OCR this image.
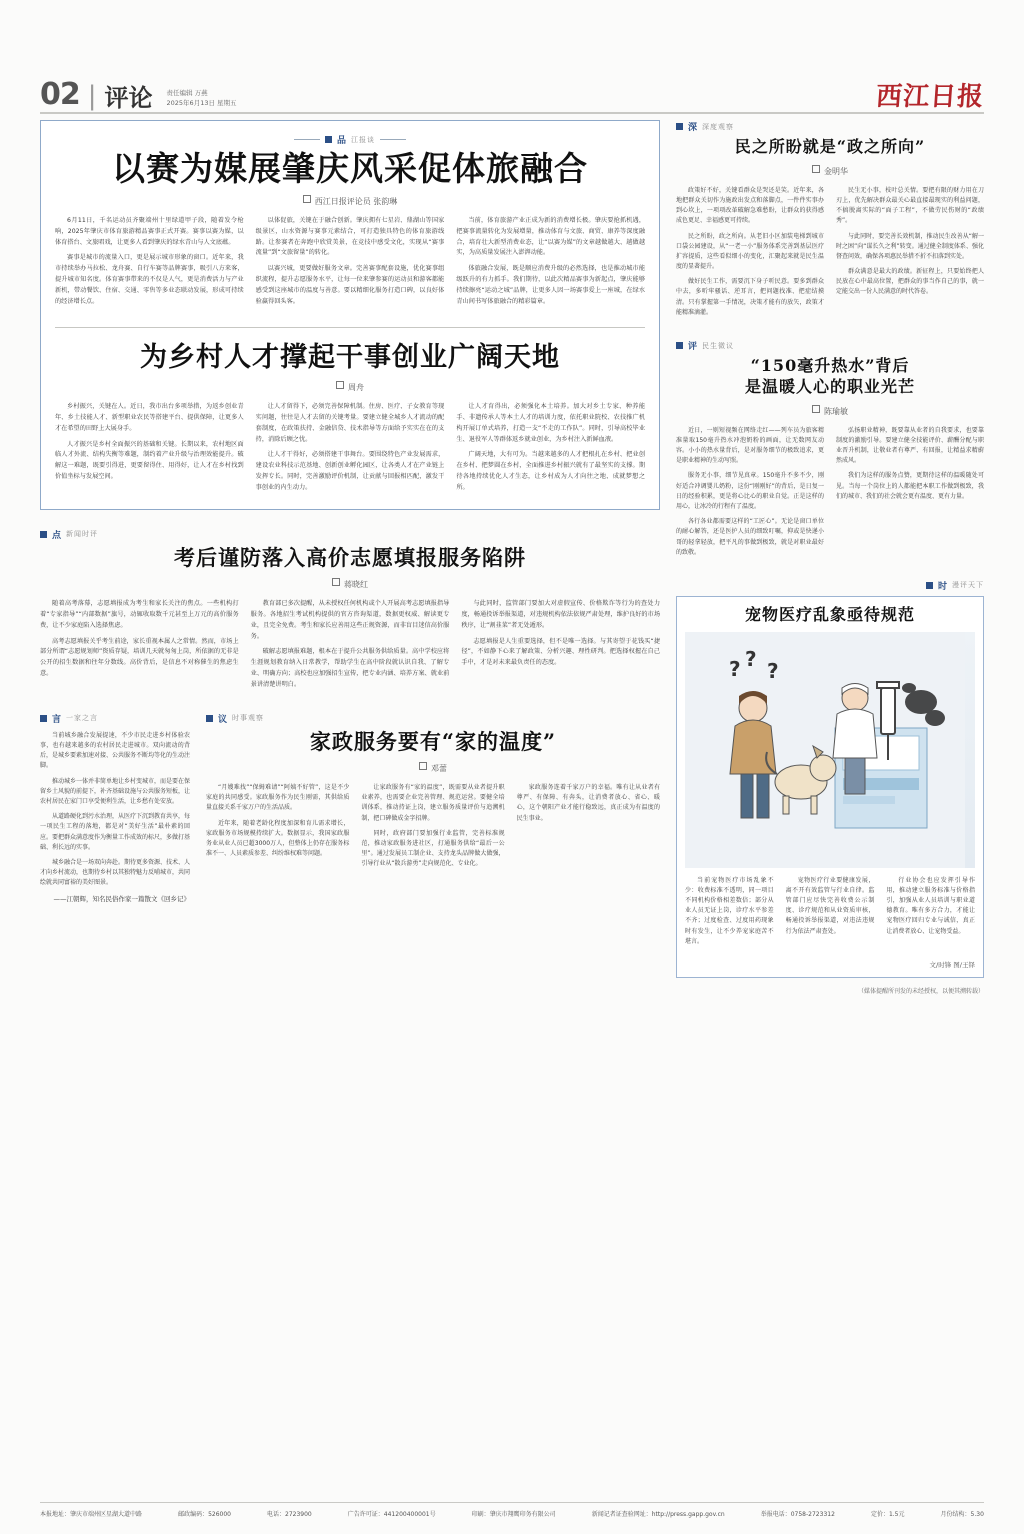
02 | 评论 责任编辑 万燕
2025年6月13日 星期五	西江日报
品 江报谈
以赛为媒展肇庆风采促体旅融合
西江日报评论员 张韵琳

6月11日，千名运动员齐聚端州十里绿道甲子段，随着发令枪响，2025年肇庆市体育旅游精品赛事正式开赛。赛事以赛为媒，以体育搭台、文旅唱戏，让更多人看到肇庆的绿水青山与人文底蕴。

赛事是城市的流量入口，更是展示城市形象的窗口。近年来，我市持续举办马拉松、龙舟赛、自行车赛等品牌赛事，吸引八方来客，提升城市知名度。体育赛事带来的不仅是人气，更是消费活力与产业新机，带动餐饮、住宿、交通、零售等多业态联动发展，形成可持续的经济增长点。

以体促旅，关键在于融合创新。肇庆拥有七星岩、鼎湖山等国家级景区，山水资源与赛事元素结合，可打造独具特色的体育旅游线路。让参赛者在奔跑中欣赏美景，在竞技中感受文化，实现从“赛事流量”到“文旅留量”的转化。

以赛兴城，更要做好服务文章。完善赛事配套设施，优化赛事组织流程，提升志愿服务水平，让每一位来肇参赛的运动员和游客都能感受到这座城市的温度与善意。要以精细化服务打造口碑，以良好体验赢得回头客。

当前，体育旅游产业正成为新的消费增长极。肇庆要抢抓机遇，把赛事流量转化为发展增量，推动体育与文旅、商贸、康养等深度融合，培育壮大新型消费业态，让“以赛为媒”的文章越做越大、越做越实，为高质量发展注入澎湃动能。

体旅融合发展，既是顺应消费升级的必然选择，也是推动城市能级跃升的有力抓手。我们期待，以此次精品赛事为新起点，肇庆能够持续擦亮“运动之城”品牌，让更多人因一场赛事爱上一座城，在绿水青山间书写体旅融合的精彩篇章。

为乡村人才撑起干事创业广阔天地
周舟

乡村振兴，关键在人。近日，我市出台多项举措，为返乡创业青年、乡土技能人才、新型职业农民等搭建平台、提供保障，让更多人才在希望的田野上大展身手。

人才振兴是乡村全面振兴的基础和关键。长期以来，农村地区面临人才外流、结构失衡等难题，制约着产业升级与治理效能提升。破解这一难题，既要引得进，更要留得住、用得好，让人才在乡村找到价值坐标与发展空间。

让人才留得下，必须完善保障机制。住房、医疗、子女教育等现实问题，往往是人才去留的关键考量。要建立健全城乡人才流动的配套制度，在政策扶持、金融信贷、技术指导等方面给予实实在在的支持，消除后顾之忧。

让人才干得好，必须搭建干事舞台。要围绕特色产业发展需求，建设农业科技示范基地、创新创业孵化园区，让各类人才在产业链上发挥专长。同时，完善激励评价机制，让贡献与回报相匹配，激发干事创业的内生动力。

让人才育得出，必须强化本土培养。加大对乡土专家、种养能手、非遗传承人等本土人才的培训力度，依托职业院校、农技推广机构开展订单式培养，打造一支“不走的工作队”。同时，引导高校毕业生、退役军人等群体返乡就业创业，为乡村注入新鲜血液。

广阔天地，大有可为。当越来越多的人才把根扎在乡村、把业创在乡村、把梦圆在乡村，全面推进乡村振兴就有了最坚实的支撑。期待各地持续优化人才生态，让乡村成为人才向往之地、成就梦想之所。

点 新闻时评
考后谨防落入高价志愿填报服务陷阱
蒋晓红

随着高考落幕，志愿填报成为考生和家长关注的焦点。一些机构打着“专家指导”“内部数据”旗号，动辄收取数千元甚至上万元的高价服务费，让不少家庭陷入选择焦虑。

高考志愿填报关乎考生前途，家长重视本属人之常情。然而，市场上部分所谓“志愿规划师”资质存疑，培训几天就匆匆上岗，所依据的无非是公开的招生数据和往年分数线。高价背后，是信息不对称催生的焦虑生意。

教育部已多次提醒，从未授权任何机构或个人开展高考志愿填报指导服务。各地招生考试机构提供的官方咨询渠道，数据更权威、解读更专业，且完全免费。考生和家长应善用这些正规资源，而非盲目迷信高价服务。

破解志愿填报难题，根本在于提升公共服务供给质量。高中学校应将生涯规划教育纳入日常教学，帮助学生在高中阶段就认识自我、了解专业、明确方向；高校也应加强招生宣传，把专业内涵、培养方案、就业前景讲清楚讲明白。

与此同时，监管部门要加大对虚假宣传、价格欺诈等行为的查处力度，畅通投诉举报渠道，对违规机构依法依规严肃处理，维护良好的市场秩序，让“割韭菜”者无处遁形。

志愿填报是人生重要选择，但不是唯一选择。与其寄望于花钱买“捷径”，不如静下心来了解政策、分析兴趣、理性研判。把选择权握在自己手中，才是对未来最负责任的态度。

言 一家之言

当前城乡融合发展提速，不少市民走进乡村体验农事，也有越来越多的农村居民走进城市。双向流动的背后，是城乡要素加速对接、公共服务不断均等化的生动注脚。

推动城乡一体并非简单地让乡村变城市，而是要在保留乡土风貌的前提下，补齐基础设施与公共服务短板，让农村居民在家门口享受便利生活，让乡愁有处安放。

从道路硬化到污水治理，从医疗下沉到教育共享，每一项民生工程的落地，都是对“美好生活”最朴素的回应。要把群众满意度作为衡量工作成效的标尺，多做打基础、利长远的实事。

城乡融合是一场双向奔赴。期待更多资源、技术、人才向乡村流动，也期待乡村以其独特魅力反哺城市，共同绘就共同富裕的美好图景。

——江朝辉，知名民俗作家一篇散文《回乡记》
议 时事观察
家政服务要有“家的温度”
邓蕾

“月嫂难找”“保姆难请”“阿姨不好管”，这是不少家庭的共同感受。家政服务作为民生刚需，其供给质量直接关系千家万户的生活品质。

近年来，随着老龄化程度加深和育儿需求增长，家政服务市场规模持续扩大。数据显示，我国家政服务业从业人员已超3000万人，但整体上仍存在服务标准不一、人员素质参差、纠纷维权难等问题。

让家政服务有“家的温度”，既需要从业者提升职业素养，也需要企业完善管理、规范运营。要健全培训体系，推动持证上岗，建立服务质量评价与追溯机制，把口碑做成金字招牌。

同时，政府部门要加强行业监管，完善标准规范，推动家政服务进社区，打通服务供给“最后一公里”。通过发展员工制企业、支持龙头品牌做大做强，引导行业从“散兵游勇”走向规范化、专业化。

家政服务连着千家万户的幸福。唯有让从业者有尊严、有保障、有奔头，让消费者放心、省心、暖心，这个朝阳产业才能行稳致远，真正成为有温度的民生事业。

深 深度观察
民之所盼就是“政之所向”
金明华

政策好不好，关键看群众是哭还是笑。近年来，各地把群众关切作为施政出发点和落脚点，一件件实事办到心坎上，一项项改革破解急难愁盼，让群众的获得感成色更足、幸福感更可持续。

民之所盼，政之所向。从老旧小区加装电梯到城市口袋公园建设，从“一老一小”服务体系完善到基层医疗扩容提质，这些看似细小的变化，汇聚起来就是民生温度的显著提升。

做好民生工作，需要沉下身子听民意。要多到群众中去，多听牢骚话、逆耳言，把问题找准、把症结摸清。只有掌握第一手情况，决策才能有的放矢，政策才能精准滴灌。

民生无小事，枝叶总关情。要把有限的财力用在刀刃上，优先解决群众最关心最直接最现实的利益问题，不搞脱离实际的“面子工程”，不做劳民伤财的“政绩秀”。

与此同时，要完善长效机制，推动民生改善从“解一时之困”向“谋长久之利”转变。通过健全制度体系、强化督查问效，确保各项惠民举措不折不扣落到实处。

群众满意是最大的政绩。新征程上，只要始终把人民放在心中最高位置，把群众的事当作自己的事，就一定能交出一份人民满意的时代答卷。

评 民生微议
“150毫升热水”背后
是温暖人心的职业光芒
陈瑜敏

近日，一则短视频在网络走红——列车员为旅客精准量取150毫升热水冲泡奶粉的画面，让无数网友动容。小小的热水量背后，是对服务细节的极致追求，更是职业精神的生动写照。

服务无小事，细节见真章。150毫升不多不少，刚好适合冲调婴儿奶粉，这份“刚刚好”的背后，是日复一日的经验积累，更是将心比心的职业自觉。正是这样的用心，让冰冷的行程有了温度。

各行各业都需要这样的“工匠心”。无论是窗口单位的耐心解答，还是医护人员的细致叮嘱，抑或是快递小哥的轻拿轻放，把平凡的事做到极致，就是对职业最好的致敬。

弘扬职业精神，既要靠从业者的自我要求，也要靠制度的激励引导。要建立健全技能评价、薪酬分配与职业晋升机制，让敬业者有尊严、有回报，让精益求精蔚然成风。

我们为这样的服务点赞，更期待这样的温暖随处可见。当每一个岗位上的人都能把本职工作做到极致，我们的城市、我们的社会就会更有温度、更有力量。

时 漫评天下
宠物医疗乱象亟待规范
? ? ?

当前宠物医疗市场乱象不少：收费标准不透明，同一项目不同机构价格相差数倍；部分从业人员无证上岗，诊疗水平参差不齐；过度检查、过度用药现象时有发生，让不少养宠家庭苦不堪言。

宠物医疗行业要健康发展，离不开有效监管与行业自律。监管部门应尽快完善收费公示制度、诊疗规范和从业资质审核，畅通投诉举报渠道，对违法违规行为依法严肃查处。

行业协会也应发挥引导作用，推动建立服务标准与价格指引，加强从业人员培训与职业道德教育。唯有多方合力，才能让宠物医疗回归专业与诚信，真正让消费者放心、让宠物受益。

文/时锋 图/王铎
（媒体提醒所刊发的未经授权，以便其溯转载）
本报地址：肇庆市端州区星湖大道中路	邮政编码：526000	电话：2723900	广告许可证：441200400001号	印刷：肇庆市翔鹰印务有限公司	新闻记者证查验网址：http://press.gapp.gov.cn	举报电话：0758-2723312	定价：1.5元	月份结构：5.30
